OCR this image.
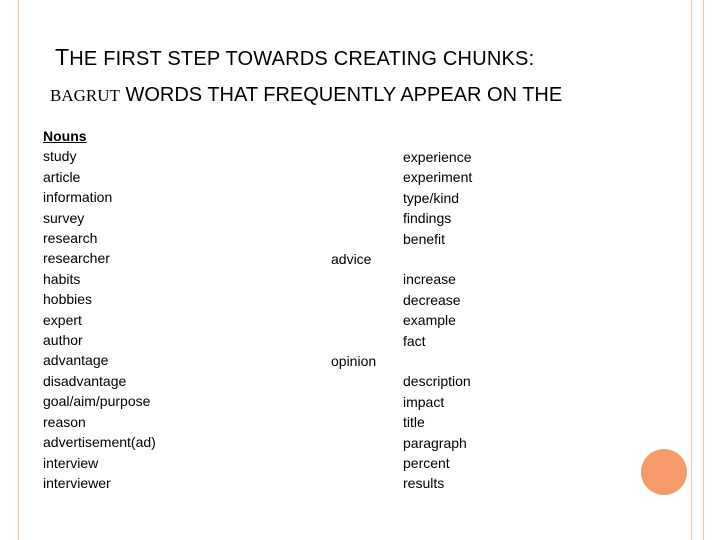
THE FIRST STEP TOWARDS CREATING CHUNKS:
BAGRUT WORDS THAT FREQUENTLY APPEAR ON THE
Nouns
study
article
information
survey
research
researcher
habits
hobbies
expert
author
advantage
disadvantage
goal/aim/purpose
reason
advertisement(ad)
interview
interviewer
advice
opinion
experience
experiment
type/kind
findings
benefit
increase
decrease
example
fact
description
impact
title
paragraph
percent
results
